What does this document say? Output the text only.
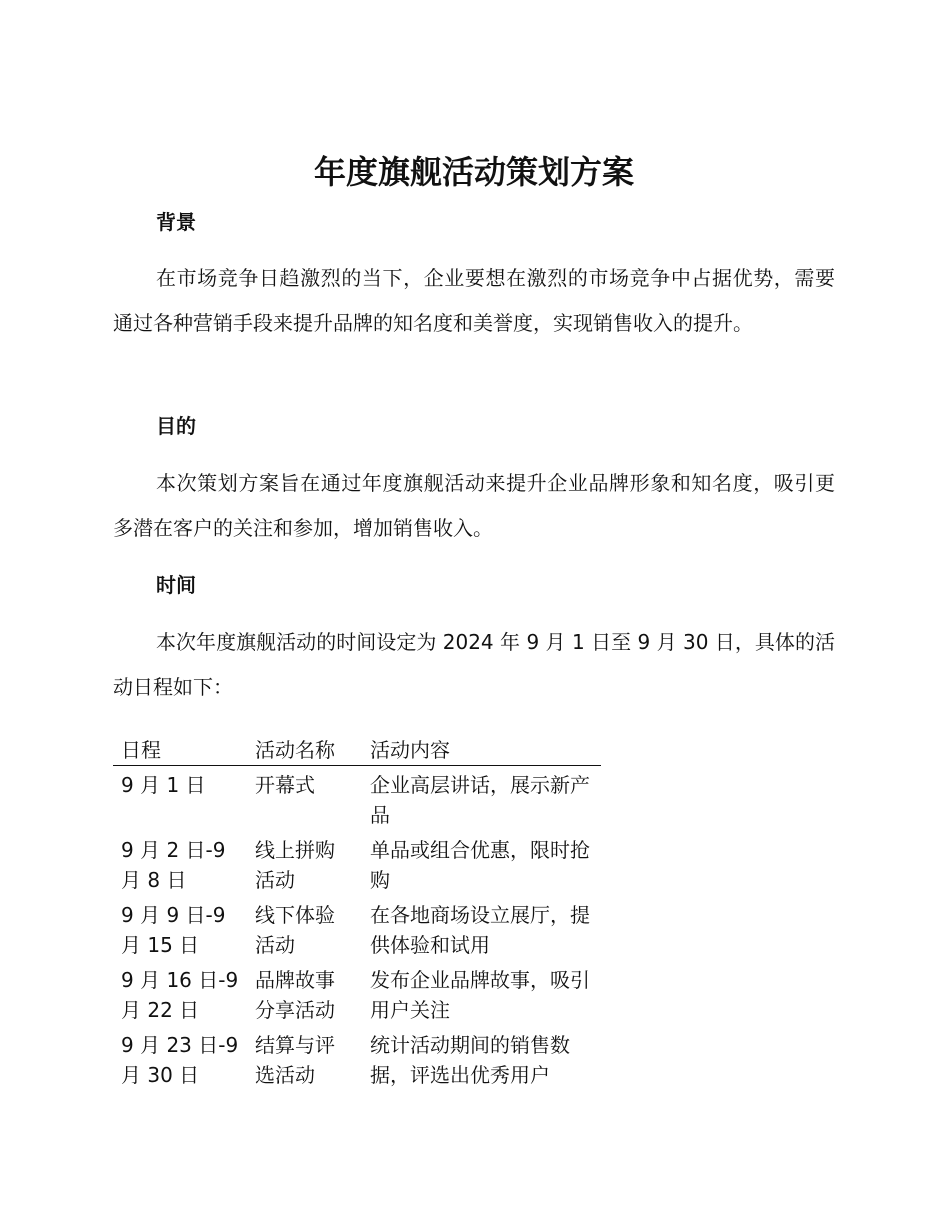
年度旗舰活动策划方案
背景

在市场竞争日趋激烈的当下，企业要想在激烈的市场竞争中占据优势，需要通过各种营销手段来提升品牌的知名度和美誉度，实现销售收入的提升。

目的

本次策划方案旨在通过年度旗舰活动来提升企业品牌形象和知名度，吸引更多潜在客户的关注和参加，增加销售收入。

时间

本次年度旗舰活动的时间设定为 2024 年 9 月 1 日至 9 月 30 日，具体的活动日程如下：

日程	活动名称	活动内容
9 月 1 日	开幕式	企业高层讲话，展示新产品
9 月 2 日-9 月 8 日	线上拼购活动	单品或组合优惠，限时抢购
9 月 9 日-9 月 15 日	线下体验活动	在各地商场设立展厅，提供体验和试用
9 月 16 日-9 月 22 日	品牌故事分享活动	发布企业品牌故事，吸引用户关注
9 月 23 日-9 月 30 日	结算与评选活动	统计活动期间的销售数据，评选出优秀用户
